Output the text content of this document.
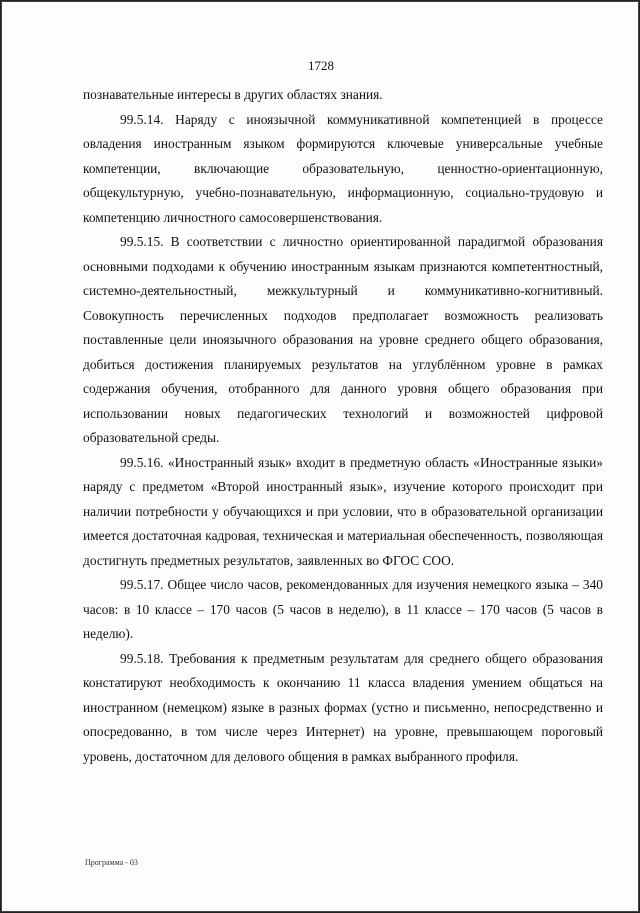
1728

познавательные интересы в других областях знания.

99.5.14. Наряду с иноязычной коммуникативной компетенцией в процессе овладения иностранным языком формируются ключевые универсальные учебные компетенции, включающие образовательную, ценностно-ориентационную, общекультурную, учебно-познавательную, информационную, социально-трудовую и компетенцию личностного самосовершенствования.

99.5.15. В соответствии с личностно ориентированной парадигмой образования основными подходами к обучению иностранным языкам признаются компетентностный, системно-деятельностный, межкультурный и коммуникативно-когнитивный. Совокупность перечисленных подходов предполагает возможность реализовать поставленные цели иноязычного образования на уровне среднего общего образования, добиться достижения планируемых результатов на углублённом уровне в рамках содержания обучения, отобранного для данного уровня общего образования при использовании новых педагогических технологий и возможностей цифровой образовательной среды.

99.5.16. «Иностранный язык» входит в предметную область «Иностранные языки» наряду с предметом «Второй иностранный язык», изучение которого происходит при наличии потребности у обучающихся и при условии, что в образовательной организации имеется достаточная кадровая, техническая и материальная обеспеченность, позволяющая достигнуть предметных результатов, заявленных во ФГОС СОО.

99.5.17. Общее число часов, рекомендованных для изучения немецкого языка – 340 часов: в 10 классе – 170 часов (5 часов в неделю), в 11 классе – 170 часов (5 часов в неделю).

99.5.18. Требования к предметным результатам для среднего общего образования констатируют необходимость к окончанию 11 класса владения умением общаться на иностранном (немецком) языке в разных формах (устно и письменно, непосредственно и опосредованно, в том числе через Интернет) на уровне, превышающем пороговый уровень, достаточном для делового общения в рамках выбранного профиля.

Программа - 03
